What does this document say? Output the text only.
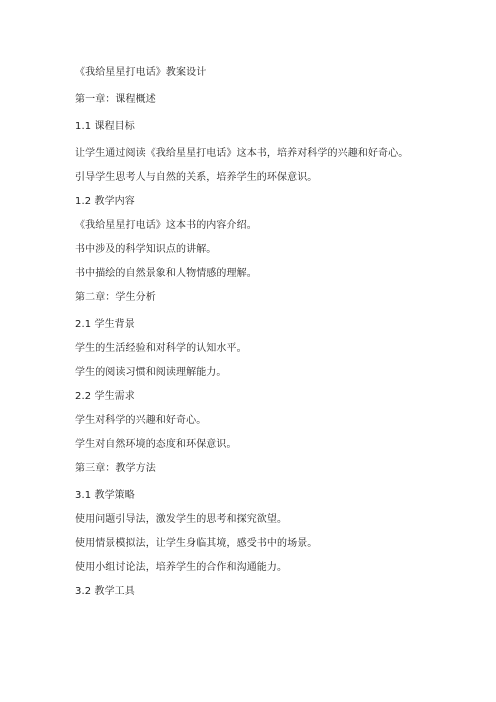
《我给星星打电话》教案设计
第一章：课程概述
1.1 课程目标
让学生通过阅读《我给星星打电话》这本书，培养对科学的兴趣和好奇心。
引导学生思考人与自然的关系，培养学生的环保意识。
1.2 教学内容
《我给星星打电话》这本书的内容介绍。
书中涉及的科学知识点的讲解。
书中描绘的自然景象和人物情感的理解。
第二章：学生分析
2.1 学生背景
学生的生活经验和对科学的认知水平。
学生的阅读习惯和阅读理解能力。
2.2 学生需求
学生对科学的兴趣和好奇心。
学生对自然环境的态度和环保意识。
第三章：教学方法
3.1 教学策略
使用问题引导法，激发学生的思考和探究欲望。
使用情景模拟法，让学生身临其境，感受书中的场景。
使用小组讨论法，培养学生的合作和沟通能力。
3.2 教学工具
